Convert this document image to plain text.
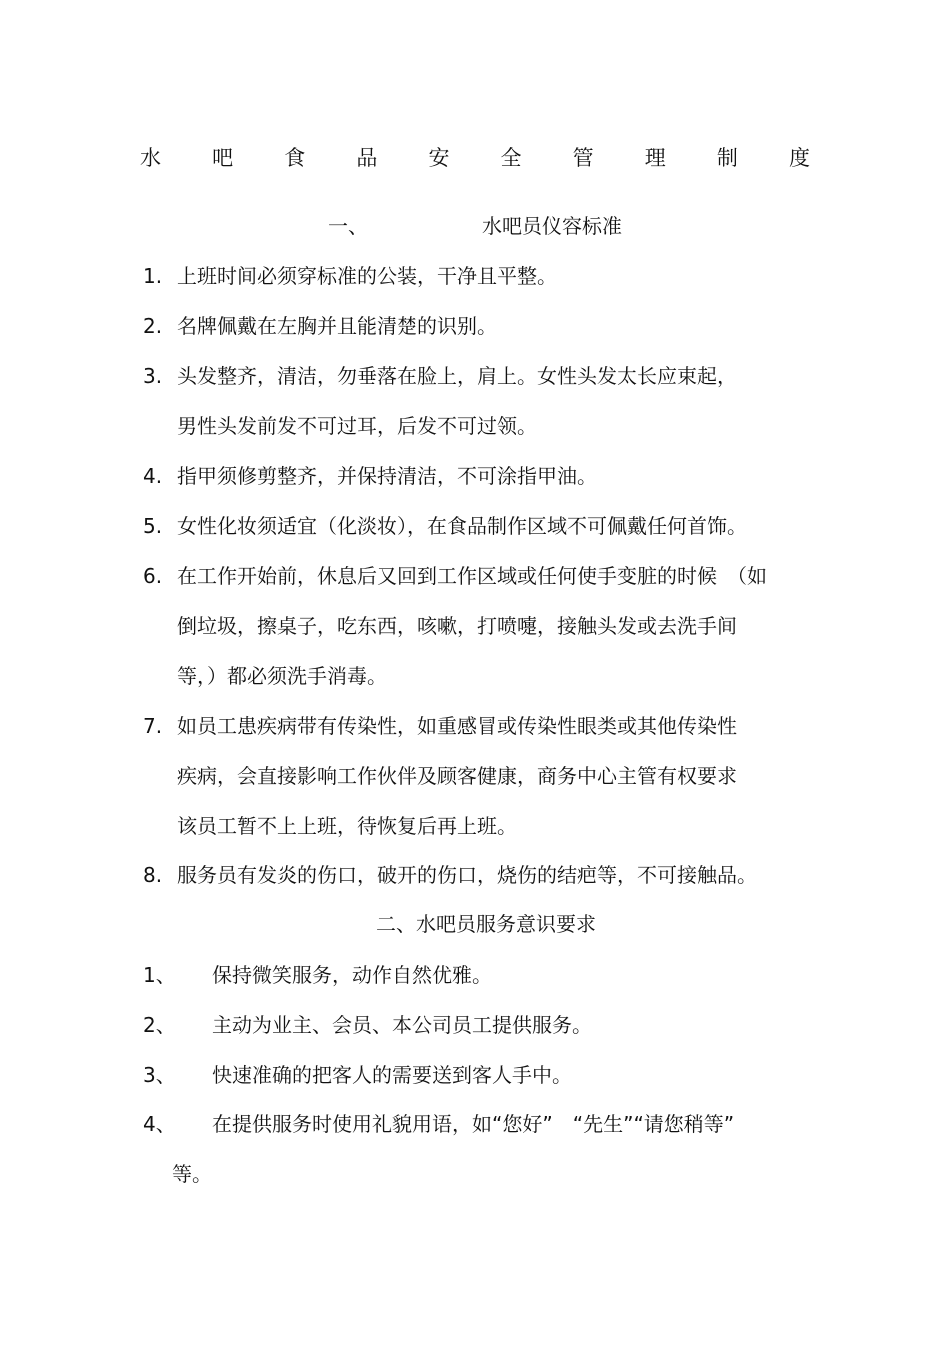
水 吧 食 品 安 全 管 理 制 度
一、	水吧员仪容标准
1. 上班时间必须穿标准的公装，干净且平整。
2. 名牌佩戴在左胸并且能清楚的识别。
3. 头发整齐，清洁，勿垂落在脸上，肩上。女性头发太长应束起，
男性头发前发不可过耳，后发不可过领。
4. 指甲须修剪整齐，并保持清洁，不可涂指甲油。
5. 女性化妆须适宜（化淡妆），在食品制作区域不可佩戴任何首饰。
6. 在工作开始前，休息后又回到工作区域或任何使手变脏的时候　（如
倒垃圾，擦桌子，吃东西，咳嗽，打喷嚏，接触头发或去洗手间
等，）都必须洗手消毒。
7. 如员工患疾病带有传染性，如重感冒或传染性眼类或其他传染性
疾病，会直接影响工作伙伴及顾客健康，商务中心主管有权要求
该员工暂不上上班，待恢复后再上班。
8. 服务员有发炎的伤口，破开的伤口，烧伤的结疤等，不可接触品。
二、水吧员服务意识要求
1、 保持微笑服务，动作自然优雅。
2、 主动为业主、会员、本公司员工提供服务。
3、 快速准确的把客人的需要送到客人手中。
4、 在提供服务时使用礼貌用语，如“您好”　“先生”“请您稍等”
等。
